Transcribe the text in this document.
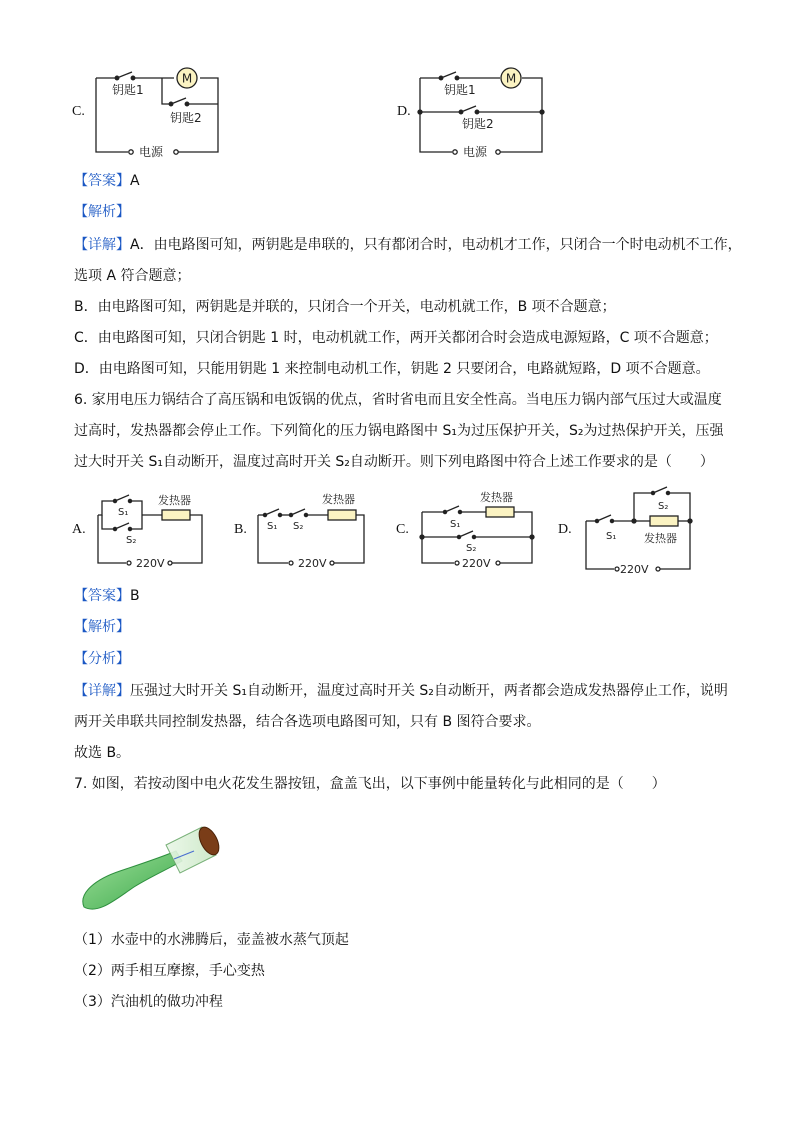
C.
M
钥匙1
钥匙2
电源
D.
M
钥匙1
钥匙2
电源
【答案】A
【解析】
【详解】A．由电路图可知，两钥匙是串联的，只有都闭合时，电动机才工作，只闭合一个时电动机不工作，
选项 A 符合题意；
B．由电路图可知，两钥匙是并联的，只闭合一个开关，电动机就工作，B 项不合题意；
C．由电路图可知，只闭合钥匙 1 时，电动机就工作，两开关都闭合时会造成电源短路，C 项不合题意；
D．由电路图可知，只能用钥匙 1 来控制电动机工作，钥匙 2 只要闭合，电路就短路，D 项不合题意。
6. 家用电压力锅结合了高压锅和电饭锅的优点，省时省电而且安全性高。当电压力锅内部气压过大或温度
过高时，发热器都会停止工作。下列简化的压力锅电路图中 S₁为过压保护开关，S₂为过热保护开关，压强
过大时开关 S₁自动断开，温度过高时开关 S₂自动断开。则下列电路图中符合上述工作要求的是（　　）
A.
发热器
S₁
S₂
220V
B.
发热器
S₁ S₂
220V
C.
发热器
S₁
S₂
220V
D.
发热器
S₂
S₁
220V
【答案】B
【解析】
【分析】
【详解】压强过大时开关 S₁自动断开，温度过高时开关 S₂自动断开，两者都会造成发热器停止工作，说明
两开关串联共同控制发热器，结合各选项电路图可知，只有 B 图符合要求。
故选 B。
7. 如图，若按动图中电火花发生器按钮，盒盖飞出，以下事例中能量转化与此相同的是（　　）
（1）水壶中的水沸腾后，壶盖被水蒸气顶起
（2）两手相互摩擦，手心变热
（3）汽油机的做功冲程
